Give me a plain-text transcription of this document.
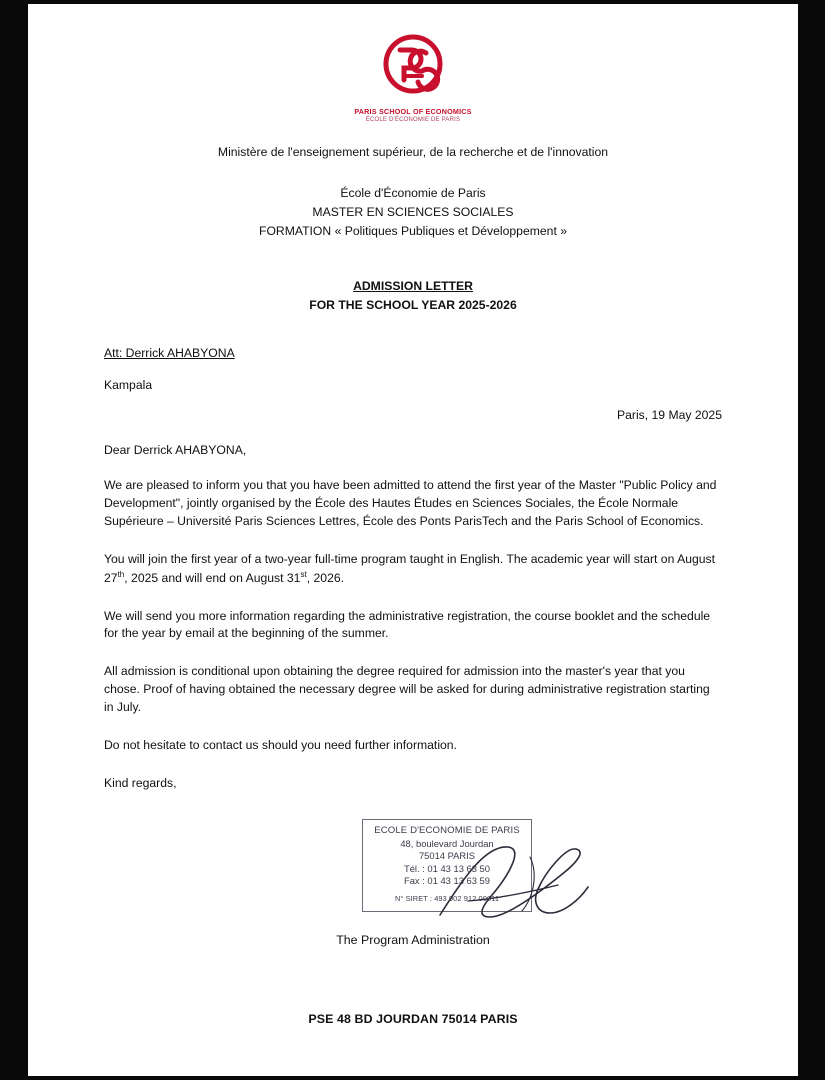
PARIS SCHOOL OF ECONOMICS
ÉCOLE D'ÉCONOMIE DE PARIS
Ministère de l'enseignement supérieur, de la recherche et de l'innovation
École d'Économie de Paris
MASTER EN SCIENCES SOCIALES
FORMATION « Politiques Publiques et Développement »
ADMISSION LETTER
FOR THE SCHOOL YEAR 2025-2026
Att: Derrick AHABYONA
Kampala
Paris, 19 May 2025
Dear Derrick AHABYONA,

We are pleased to inform you that you have been admitted to attend the first year of the Master "Public Policy and Development", jointly organised by the École des Hautes Études en Sciences Sociales, the École Normale Supérieure – Université Paris Sciences Lettres, École des Ponts ParisTech and the Paris School of Economics.

You will join the first year of a two-year full-time program taught in English. The academic year will start on August 27th, 2025 and will end on August 31st, 2026.

We will send you more information regarding the administrative registration, the course booklet and the schedule for the year by email at the beginning of the summer.

All admission is conditional upon obtaining the degree required for admission into the master's year that you chose. Proof of having obtained the necessary degree will be asked for during administrative registration starting in July.

Do not hesitate to contact us should you need further information.

Kind regards,

ECOLE D'ECONOMIE DE PARIS
48, boulevard Jourdan
75014 PARIS
Tél. : 01 43 13 63 50
Fax : 01 43 13 63 59
N° SIRET : 493 902 912 00011
The Program Administration
PSE 48 BD JOURDAN 75014 PARIS
